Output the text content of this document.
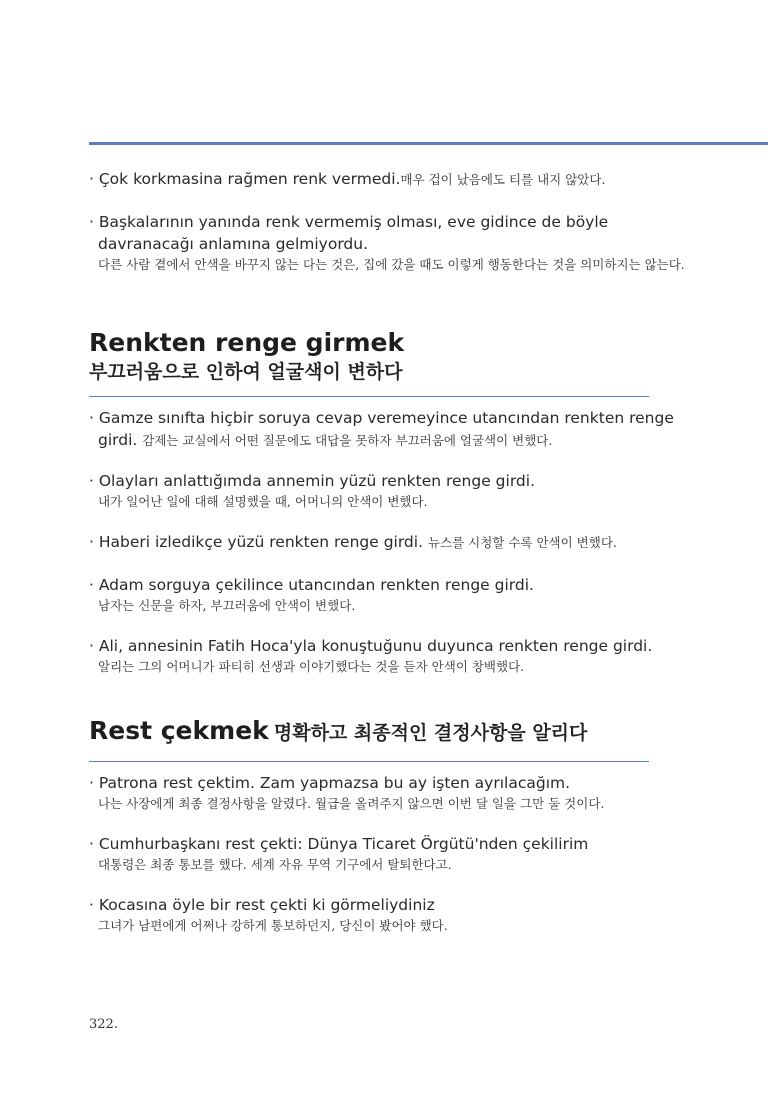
· Çok korkmasina rağmen renk vermedi.매우 겁이 났음에도 티를 내지 않았다.
· Başkalarının yanında renk vermemiş olması, eve gidince de böyle davranacağı anlamına gelmiyordu.
다른 사람 곁에서 안색을 바꾸지 않는 다는 것은, 집에 갔을 때도 이렇게 행동한다는 것을 의미하지는 않는다.
Renkten renge girmek
부끄러움으로 인하여 얼굴색이 변하다
· Gamze sınıfta hiçbir soruya cevap veremeyince utancından renkten renge girdi. 감제는 교실에서 어떤 질문에도 대답을 못하자 부끄러움에 얼굴색이 변했다.
· Olayları anlattığımda annemin yüzü renkten renge girdi.
내가 일어난 일에 대해 설명했을 때, 어머니의 안색이 변했다.
· Haberi izledikçe yüzü renkten renge girdi. 뉴스를 시청할 수록 안색이 변했다.
· Adam sorguya çekilince utancından renkten renge girdi.
남자는 신문을 하자, 부끄러움에 안색이 변했다.
· Ali, annesinin Fatih Hoca'yla konuştuğunu duyunca renkten renge girdi.
알리는 그의 어머니가 파티히 선생과 이야기했다는 것을 듣자 안색이 창백했다.
Rest çekmek 명확하고 최종적인 결정사항을 알리다
· Patrona rest çektim. Zam yapmazsa bu ay işten ayrılacağım.
나는 사장에게 최종 결정사항을 알렸다. 월급을 올려주지 않으면 이번 달 일을 그만 둘 것이다.
· Cumhurbaşkanı rest çekti: Dünya Ticaret Örgütü'nden çekilirim
대통령은 최종 통보를 했다. 세계 자유 무역 기구에서 탈퇴한다고.
· Kocasına öyle bir rest çekti ki görmeliydiniz
그녀가 남편에게 어쩌나 강하게 통보하던지, 당신이 봤어야 했다.
322.
